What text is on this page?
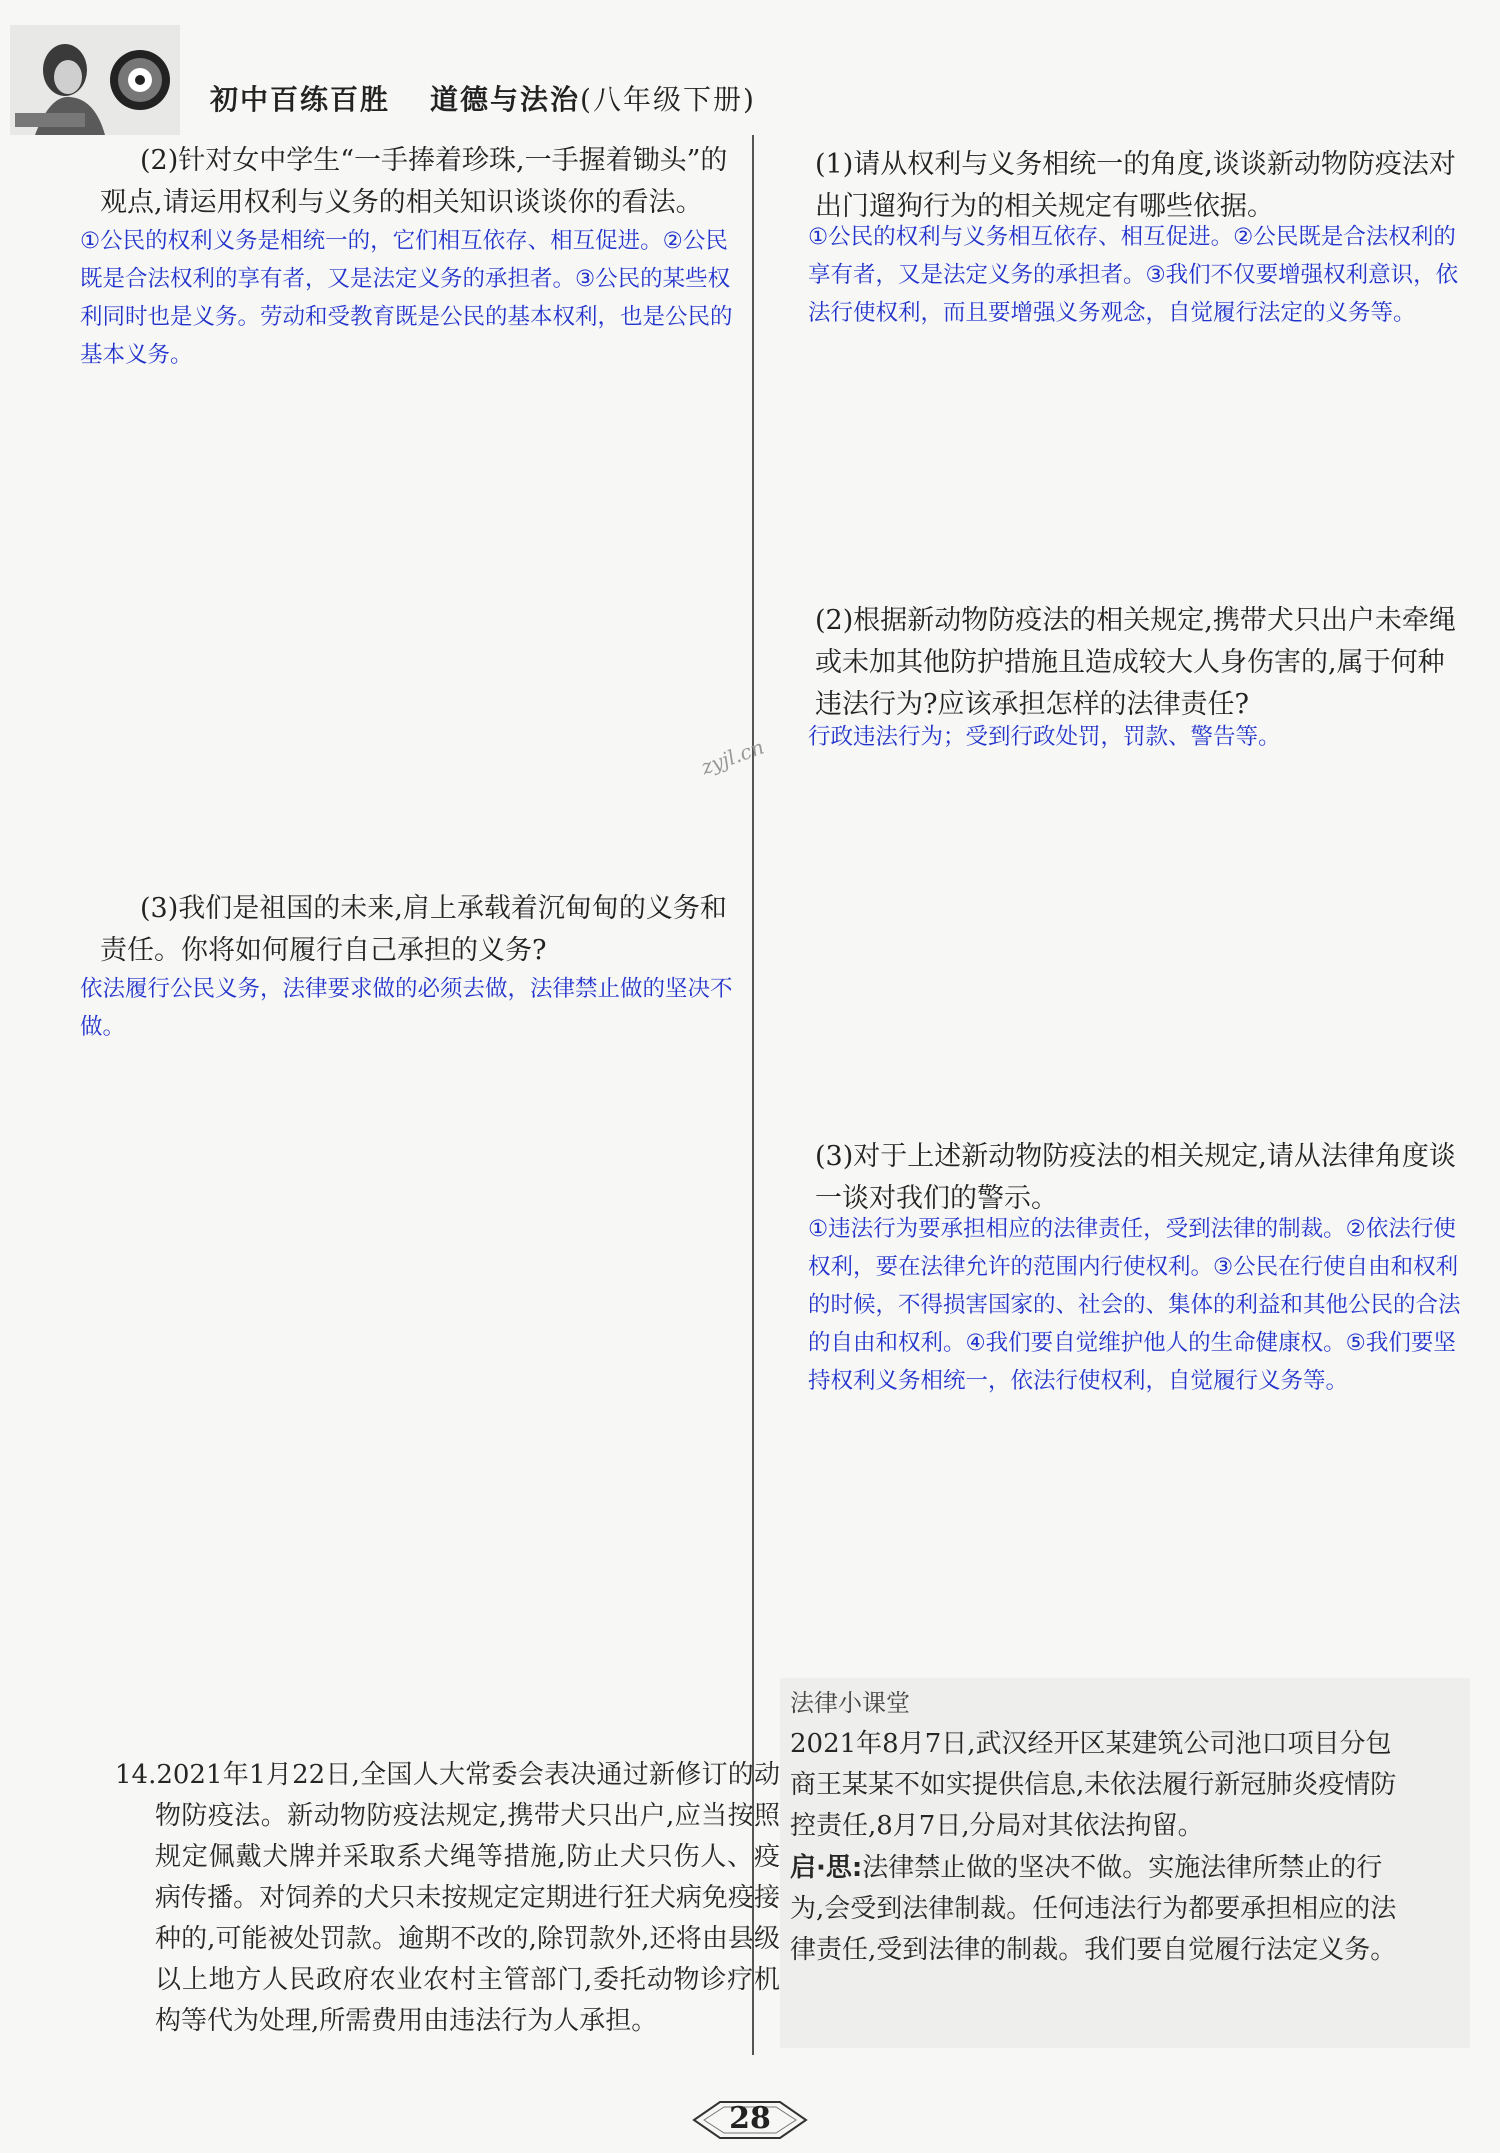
初中百练百胜 道德与法治(八年级下册)
(2)针对女中学生“一手捧着珍珠,一手握着锄头”的观点,请运用权利与义务的相关知识谈谈你的看法。
①公民的权利义务是相统一的，它们相互依存、相互促进。②公民既是合法权利的享有者，又是法定义务的承担者。③公民的某些权利同时也是义务。劳动和受教育既是公民的基本权利，也是公民的基本义务。
(3)我们是祖国的未来,肩上承载着沉甸甸的义务和责任。你将如何履行自己承担的义务?
依法履行公民义务，法律要求做的必须去做，法律禁止做的坚决不做。
14.2021年1月22日,全国人大常委会表决通过新修订的动物防疫法。新动物防疫法规定,携带犬只出户,应当按照规定佩戴犬牌并采取系犬绳等措施,防止犬只伤人、疫病传播。对饲养的犬只未按规定定期进行狂犬病免疫接种的,可能被处罚款。逾期不改的,除罚款外,还将由县级以上地方人民政府农业农村主管部门,委托动物诊疗机构等代为处理,所需费用由违法行为人承担。
(1)请从权利与义务相统一的角度,谈谈新动物防疫法对出门遛狗行为的相关规定有哪些依据。
①公民的权利与义务相互依存、相互促进。②公民既是合法权利的享有者，又是法定义务的承担者。③我们不仅要增强权利意识，依法行使权利，而且要增强义务观念，自觉履行法定的义务等。
(2)根据新动物防疫法的相关规定,携带犬只出户未牵绳或未加其他防护措施且造成较大人身伤害的,属于何种违法行为?应该承担怎样的法律责任?
行政违法行为；受到行政处罚，罚款、警告等。
(3)对于上述新动物防疫法的相关规定,请从法律角度谈一谈对我们的警示。
①违法行为要承担相应的法律责任，受到法律的制裁。②依法行使权利，要在法律允许的范围内行使权利。③公民在行使自由和权利的时候，不得损害国家的、社会的、集体的利益和其他公民的合法的自由和权利。④我们要自觉维护他人的生命健康权。⑤我们要坚持权利义务相统一，依法行使权利，自觉履行义务等。
法律小课堂
2021年8月7日,武汉经开区某建筑公司池口项目分包商王某某不如实提供信息,未依法履行新冠肺炎疫情防控责任,8月7日,分局对其依法拘留。
启·思:法律禁止做的坚决不做。实施法律所禁止的行为,会受到法律制裁。任何违法行为都要承担相应的法律责任,受到法律的制裁。我们要自觉履行法定义务。
zyjl.cn
28
